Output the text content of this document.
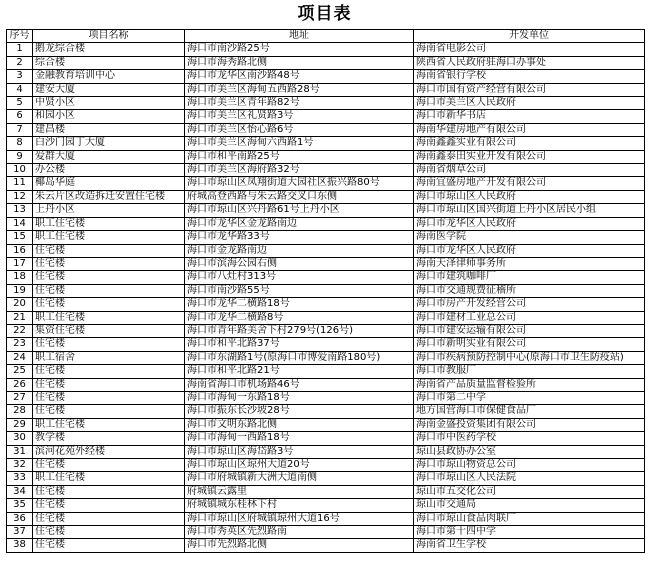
项目表
序号	项目名称	地址	开发单位
1	鹅龙综合楼	海口市南沙路25号	海南省电影公司
2	综合楼	海口市海秀路北侧	陕西省人民政府驻海口办事处
3	金融教育培训中心	海口市龙华区南沙路48号	海南省银行学校
4	建安大厦	海口市美兰区海甸五西路28号	海口市国有资产经营有限公司
5	中贤小区	海口市美兰区青年路82号	海口市美兰区人民政府
6	和园小区	海口市美兰区礼贤路3号	海口市新华书店
7	建昌楼	海口市美兰区怡心路6号	海南华建房地产有限公司
8	白沙门园丁大厦	海口市美兰区海甸六西路1号	海南鑫鑫实业有限公司
9	爱群大厦	海口市和平南路25号	海南鑫泰田实业开发有限公司
10	办公楼	海口市美兰区海府路32号	海南省烟草公司
11	椰岛华庭	海口市琼山区凤翔街道大园社区振兴路80号	海南宜盛房地产开发有限公司
12	朱云片区改造拆迁安置住宅楼	府城高登西路与朱云路交叉口东侧	海口市琼山区人民政府
13	上丹小区	海口市琼山区兴丹路61号上丹小区	海口市琼山区国兴街道上丹小区居民小组
14	职工住宅楼	海口市龙华区金龙路南边	海口市龙华区人民政府
15	职工住宅楼	海口市龙华路33号	海南医学院
16	住宅楼	海口市金龙路南边	海口市龙华区人民政府
17	住宅楼	海口市滨海公园右侧	海南天泽律师事务所
18	住宅楼	海口市八灶村313号	海口市建筑咖啡厂
19	住宅楼	海口市南沙路55号	海口市交通规费征稽所
20	住宅楼	海口市龙华二横路18号	海口市房产开发经营公司
21	职工住宅楼	海口市龙华二横路8号	海口市建材工业总公司
22	集资住宅楼	海口市青年路美舍下村279号(126号)	海口市建安运输有限公司
23	住宅楼	海口市和平北路37号	海口市新明实业有限公司
24	职工宿舍	海口市东湖路1号(原海口市博爱南路180号)	海口市疾病预防控制中心(原海口市卫生防疫站)
25	住宅楼	海口市和平北路21号	海口市教服厂
26	住宅楼	海南省海口市机场路46号	海南省产品质量监督检验所
27	住宅楼	海口市海甸一东路18号	海口市第二中学
28	住宅楼	海口市振东长沙坡28号	地方国营海口市保健食品厂
29	职工住宅楼	海口市文明东路北侧	海南金盛投资集团有限公司
30	教学楼	海口市海甸一西路18号	海口市中医药学校
31	滨河花苑外经楼	海口市琼山区海岱路3号	琼山县政协办公室
32	住宅楼	海口市琼山区琼州大道20号	海口市琼山物资总公司
33	职工住宅楼	海口市府城镇新大洲大道南侧	海口市琼山区人民法院
34	住宅楼	府城镇云露里	琼山市五交化公司
35	住宅楼	府城镇城东桂林下村	琼山市交通局
36	住宅楼	海口市琼山区府城镇琼州大道16号	海口市琼山食品肉联厂
37	住宅楼	海口市秀英区先烈路南	海口市第十四中学
38	住宅楼	海口市先烈路北侧	海南省卫生学校
